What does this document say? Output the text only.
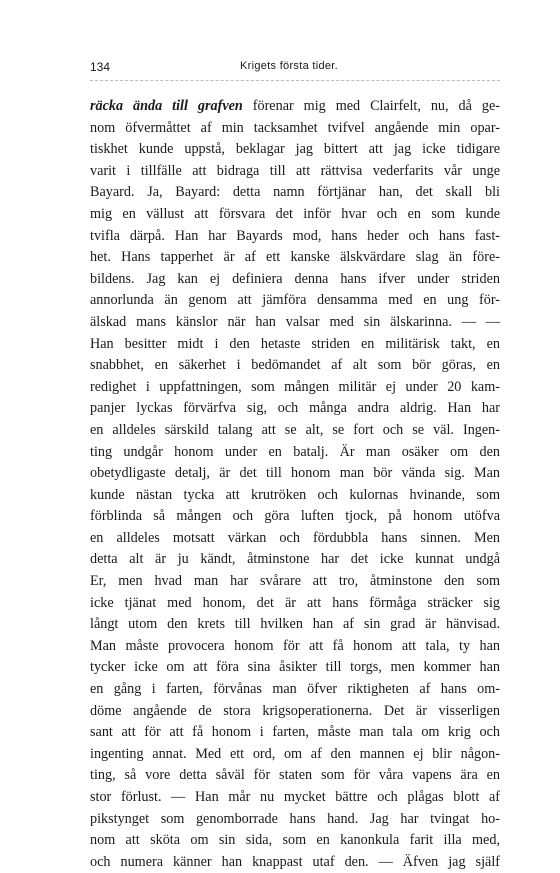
134	Krigets första tider.
räcka ända till grafven förenar mig med Clairfelt, nu, då ge-
nom öfvermåttet af min tacksamhet tvifvel angående min opar-
tiskhet kunde uppstå, beklagar jag bittert att jag icke tidigare
varit i tillfälle att bidraga till att rättvisa vederfarits vår unge
Bayard. Ja, Bayard: detta namn förtjänar han, det skall bli
mig en vällust att försvara det inför hvar och en som kunde
tvifla därpå. Han har Bayards mod, hans heder och hans fast-
het. Hans tapperhet är af ett kanske älskvärdare slag än före-
bildens. Jag kan ej definiera denna hans ifver under striden
annorlunda än genom att jämföra densamma med en ung för-
älskad mans känslor när han valsar med sin älskarinna. — —
Han besitter midt i den hetaste striden en militärisk takt, en
snabbhet, en säkerhet i bedömandet af alt som bör göras, en
redighet i uppfattningen, som mången militär ej under 20 kam-
panjer lyckas förvärfva sig, och många andra aldrig. Han har
en alldeles särskild talang att se alt, se fort och se väl. Ingen-
ting undgår honom under en batalj. Är man osäker om den
obetydligaste detalj, är det till honom man bör vända sig. Man
kunde nästan tycka att krutröken och kulornas hvinande, som
förblinda så mången och göra luften tjock, på honom utöfva
en alldeles motsatt värkan och fördubbla hans sinnen. Men
detta alt är ju kändt, åtminstone har det icke kunnat undgå
Er, men hvad man har svårare att tro, åtminstone den som
icke tjänat med honom, det är att hans förmåga sträcker sig
långt utom den krets till hvilken han af sin grad är hänvisad.
Man måste provocera honom för att få honom att tala, ty han
tycker icke om att föra sina åsikter till torgs, men kommer han
en gång i farten, förvånas man öfver riktigheten af hans om-
döme angående de stora krigsoperationerna. Det är visserligen
sant att för att få honom i farten, måste man tala om krig och
ingenting annat. Med ett ord, om af den mannen ej blir någon-
ting, så vore detta såväl för staten som för våra vapens ära en
stor förlust. — Han mår nu mycket bättre och plågas blott af
pikstynget som genomborrade hans hand. Jag har tvingat ho-
nom att sköta om sin sida, som en kanonkula farit illa med,
och numera känner han knappast utaf den. — Äfven jag själf
